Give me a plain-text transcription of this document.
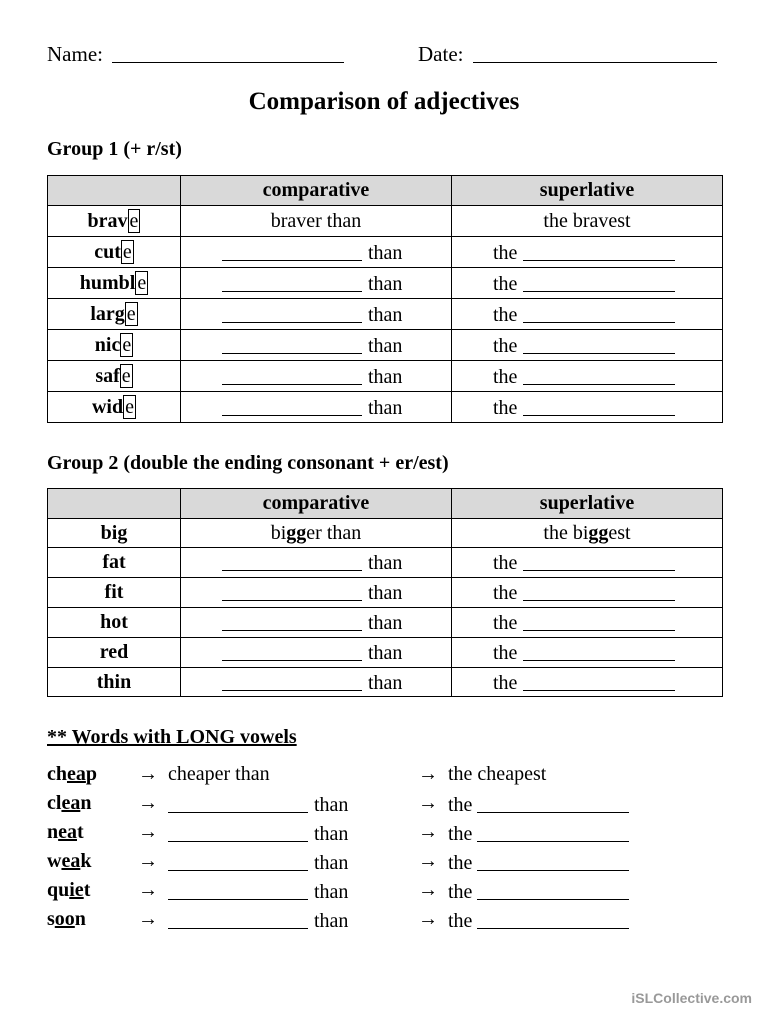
Name:	Date:
Comparison of adjectives
Group 1 (+ r/st)
	comparative	superlative
brav e	braver than	the bravest
cut e	than	the
humbl e	than	the
larg e	than	the
nic e	than	the
saf e	than	the
wid e	than	the
Group 2 (double the ending consonant + er/est)
	comparative	superlative
big	bigger than	the biggest
fat	than	the
fit	than	the
hot	than	the
red	than	the
thin	than	the
** Words with LONG vowels
cheap → cheaper than	→ the cheapest
clean →	than	→ the
neat	→	than	→ the
weak →	than	→ the
quiet →	than	→ the
soon	→	than	→ the
iSLCollective.com
